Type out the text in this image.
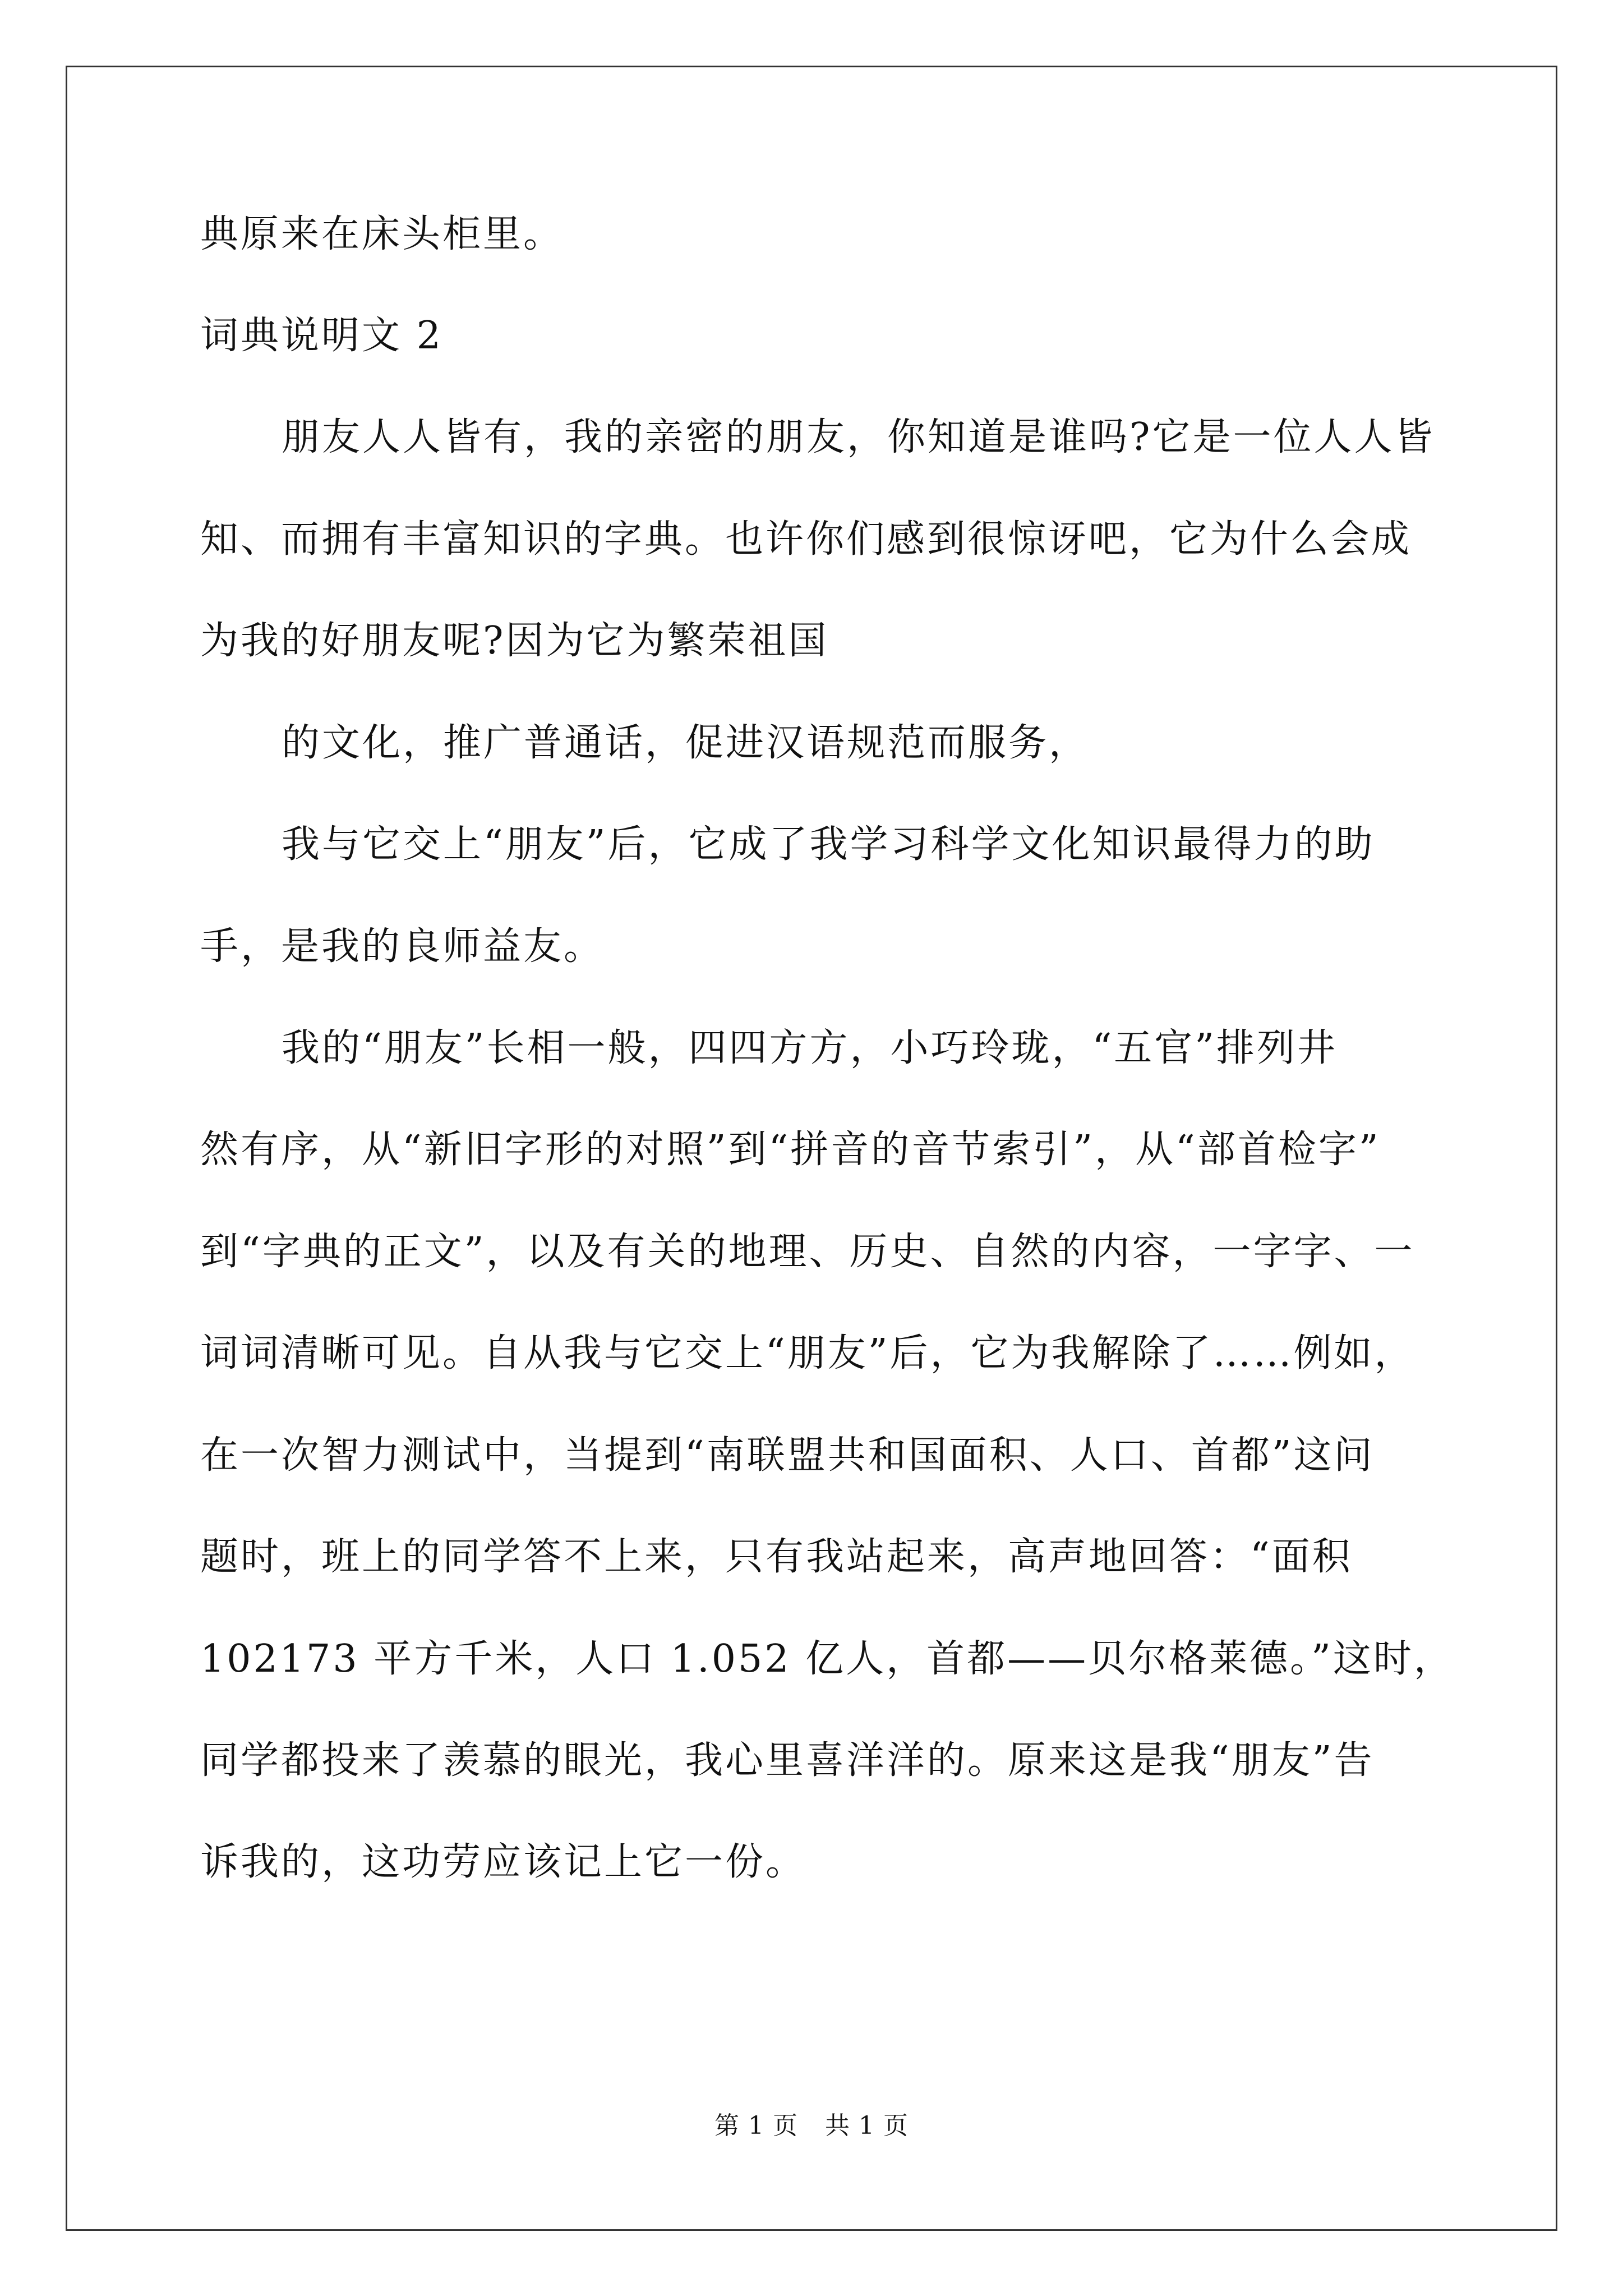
典原来在床头柜里。
词典说明文 2
朋友人人皆有，我的亲密的朋友，你知道是谁吗?它是一位人人皆
知、而拥有丰富知识的字典。也许你们感到很惊讶吧，它为什么会成
为我的好朋友呢?因为它为繁荣祖国
的文化，推广普通话，促进汉语规范而服务，
我与它交上“朋友”后，它成了我学习科学文化知识最得力的助
手，是我的良师益友。
我的“朋友”长相一般，四四方方，小巧玲珑，“五官”排列井
然有序，从“新旧字形的对照”到“拼音的音节索引”，从“部首检字”
到“字典的正文”，以及有关的地理、历史、自然的内容，一字字、一
词词清晰可见。自从我与它交上“朋友”后，它为我解除了……例如，
在一次智力测试中，当提到“南联盟共和国面积、人口、首都”这问
题时，班上的同学答不上来，只有我站起来，高声地回答：“面积
102173 平方千米，人口 1.052 亿人，首都——贝尔格莱德。”这时，
同学都投来了羡慕的眼光，我心里喜洋洋的。原来这是我“朋友”告
诉我的，这功劳应该记上它一份。
第 1 页 共 1 页
